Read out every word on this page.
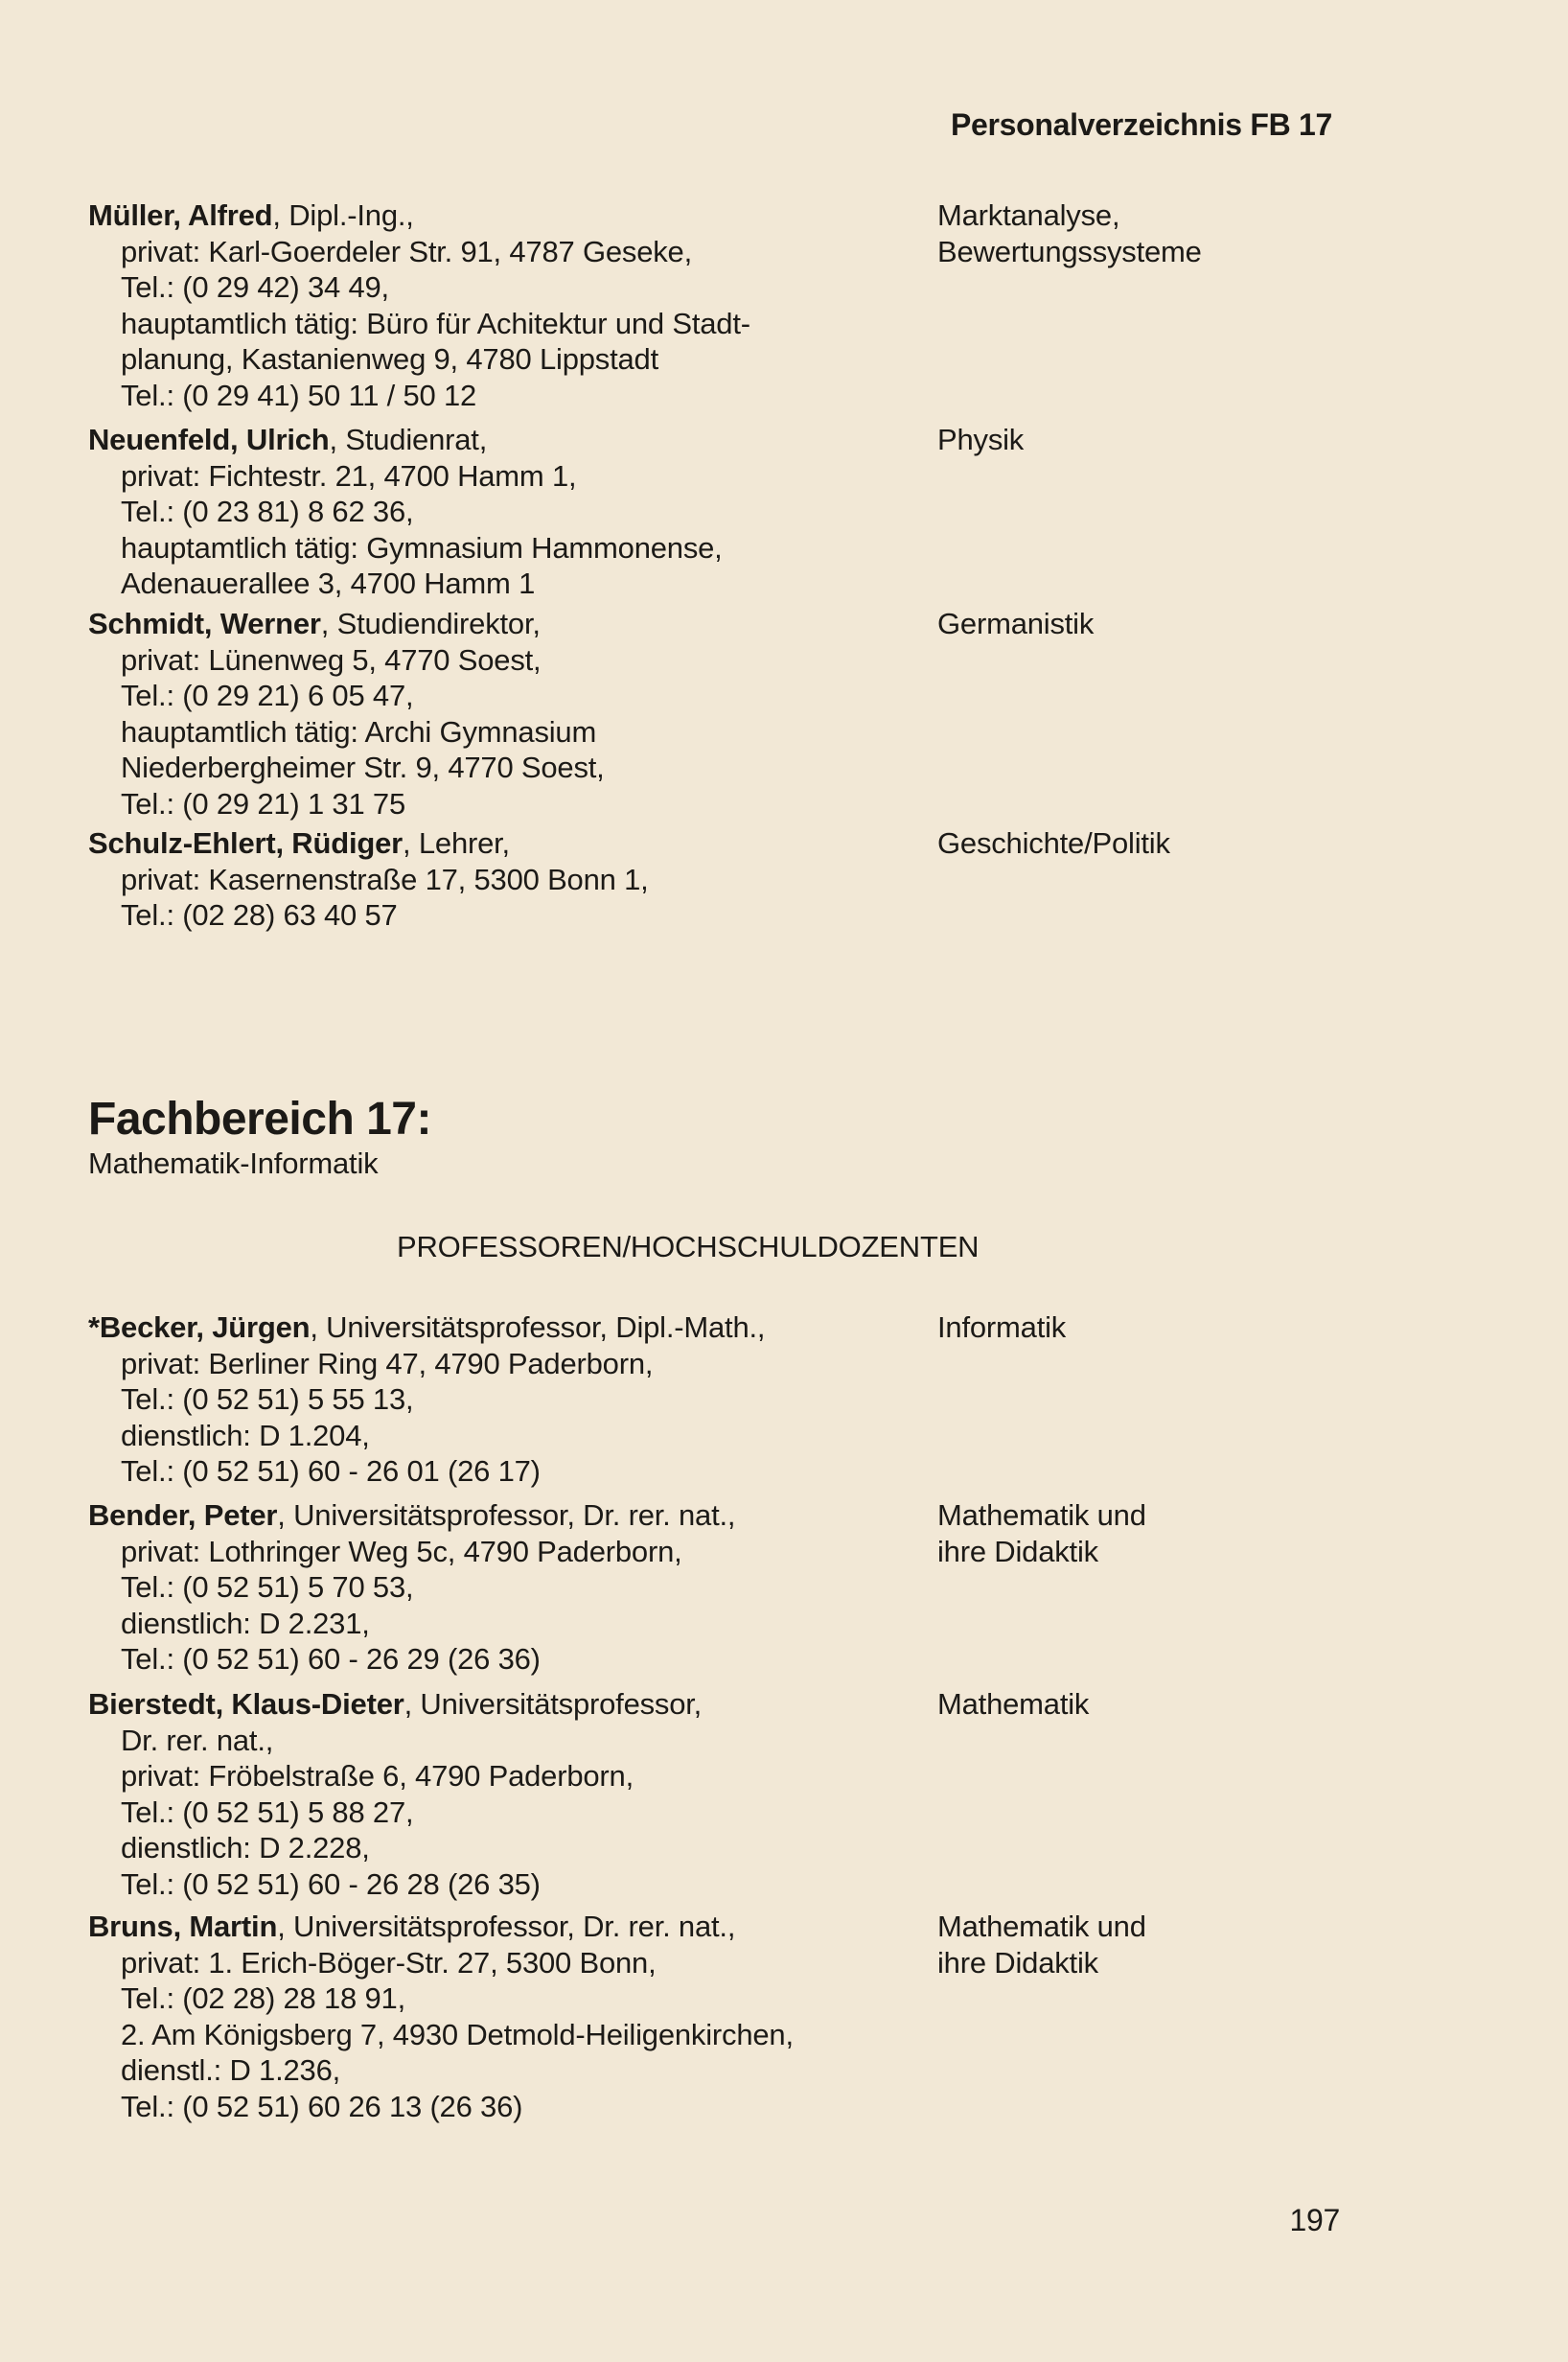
Personalverzeichnis FB 17
Müller, Alfred, Dipl.-Ing.,
privat: Karl-Goerdeler Str. 91, 4787 Geseke,
Tel.: (0 29 42) 34 49,
hauptamtlich tätig: Büro für Achitektur und Stadt-
planung, Kastanienweg 9, 4780 Lippstadt
Tel.: (0 29 41) 50 11 / 50 12
Marktanalyse,
Bewertungssysteme
Neuenfeld, Ulrich, Studienrat,
privat: Fichtestr. 21, 4700 Hamm 1,
Tel.: (0 23 81) 8 62 36,
hauptamtlich tätig: Gymnasium Hammonense,
Adenauerallee 3, 4700 Hamm 1
Physik
Schmidt, Werner, Studiendirektor,
privat: Lünenweg 5, 4770 Soest,
Tel.: (0 29 21) 6 05 47,
hauptamtlich tätig: Archi Gymnasium
Niederbergheimer Str. 9, 4770 Soest,
Tel.: (0 29 21) 1 31 75
Germanistik
Schulz-Ehlert, Rüdiger, Lehrer,
privat: Kasernenstraße 17, 5300 Bonn 1,
Tel.: (02 28) 63 40 57
Geschichte/Politik
Fachbereich 17:
Mathematik-Informatik
PROFESSOREN/HOCHSCHULDOZENTEN
*Becker, Jürgen, Universitätsprofessor, Dipl.-Math.,
privat: Berliner Ring 47, 4790 Paderborn,
Tel.: (0 52 51) 5 55 13,
dienstlich: D 1.204,
Tel.: (0 52 51) 60 - 26 01 (26 17)
Informatik
Bender, Peter, Universitätsprofessor, Dr. rer. nat.,
privat: Lothringer Weg 5c, 4790 Paderborn,
Tel.: (0 52 51) 5 70 53,
dienstlich: D 2.231,
Tel.: (0 52 51) 60 - 26 29 (26 36)
Mathematik und
ihre Didaktik
Bierstedt, Klaus-Dieter, Universitätsprofessor,
Dr. rer. nat.,
privat: Fröbelstraße 6, 4790 Paderborn,
Tel.: (0 52 51) 5 88 27,
dienstlich: D 2.228,
Tel.: (0 52 51) 60 - 26 28 (26 35)
Mathematik
Bruns, Martin, Universitätsprofessor, Dr. rer. nat.,
privat: 1. Erich-Böger-Str. 27, 5300 Bonn,
Tel.: (02 28) 28 18 91,
2. Am Königsberg 7, 4930 Detmold-Heiligenkirchen,
dienstl.: D 1.236,
Tel.: (0 52 51) 60 26 13 (26 36)
Mathematik und
ihre Didaktik
197
